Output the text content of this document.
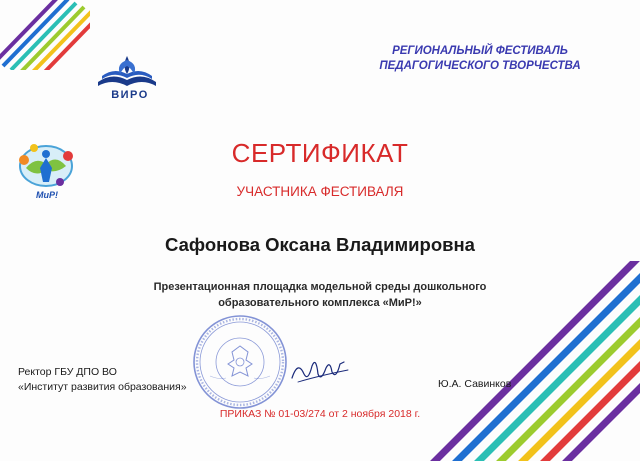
ВИРО
РЕГИОНАЛЬНЫЙ ФЕСТИВАЛЬ
ПЕДАГОГИЧЕСКОГО ТВОРЧЕСТВА
МиР!
СЕРТИФИКАТ
УЧАСТНИКА ФЕСТИВАЛЯ
Сафонова Оксана Владимировна
Презентационная площадка модельной среды дошкольного
образовательного комплекса «МиР!»
Ректор ГБУ ДПО ВО
«Институт развития образования»	Ю.А. Савинков
ПРИКАЗ № 01-03/274 от 2 ноября 2018 г.
